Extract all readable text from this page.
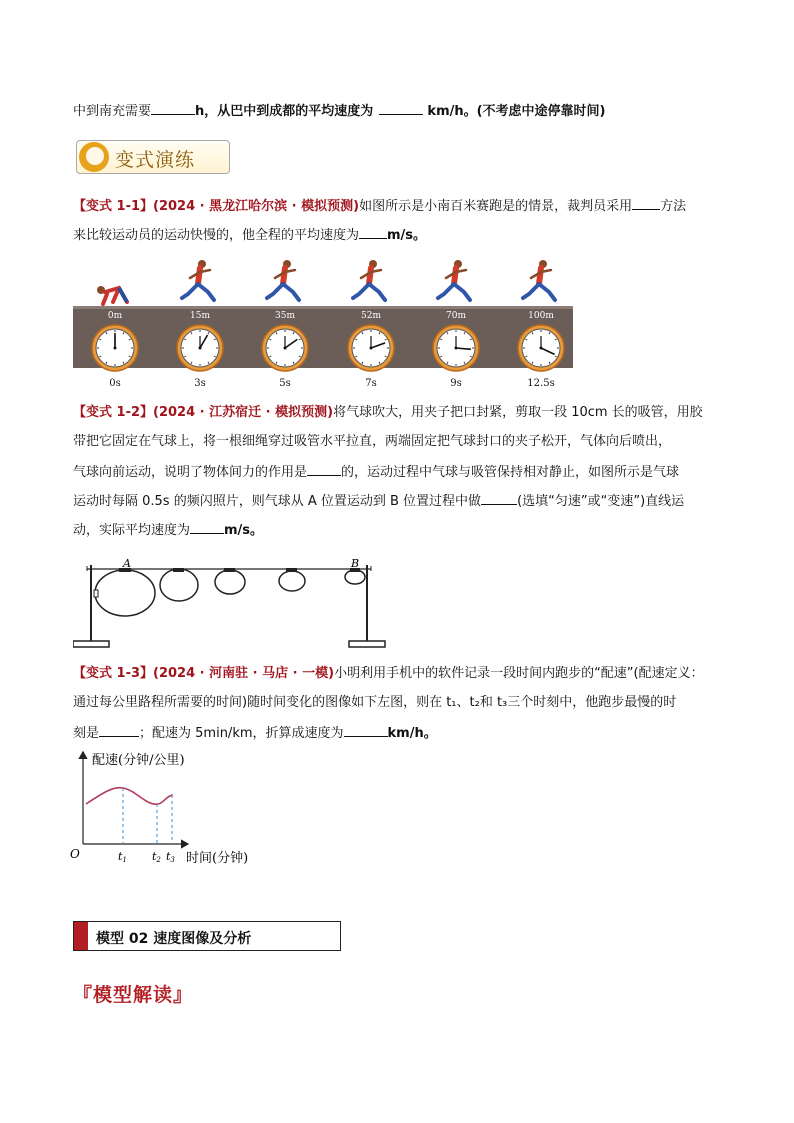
中到南充需要	h，从巴中到成都的平均速度为	km/h。(不考虑中途停靠时间)
变式演练
【变式 1-1】(2024 · 黑龙江哈尔滨 · 模拟预测)如图所示是小南百米赛跑是的情景，裁判员采用 方法
来比较运动员的运动快慢的，他全程的平均速度为 m/s。
0m	15m	35m	52m	70m	100m
0s	3s	5s	7s	9s	12.5s
【变式 1-2】(2024 · 江苏宿迁 · 模拟预测)将气球吹大，用夹子把口封紧，剪取一段 10cm 长的吸管，用胶
带把它固定在气球上，将一根细绳穿过吸管水平拉直，两端固定把气球封口的夹子松开，气体向后喷出，
气球向前运动，说明了物体间力的作用是	的，运动过程中气球与吸管保持相对静止，如图所示是气球
运动时每隔 0.5s 的频闪照片，则气球从 A 位置运动到 B 位置过程中做	(选填“匀速”或“变速”)直线运
动，实际平均速度为	m/s。
A	B
【变式 1-3】(2024 · 河南驻 · 马店 · 一模)小明利用手机中的软件记录一段时间内跑步的“配速”(配速定义：
通过每公里路程所需要的时间)随时间变化的图像如下左图，则在 t₁、t₂和 t₃三个时刻中，他跑步最慢的时
刻是	；配速为 5min/km，折算成速度为	km/h。
配速(分钟/公里)
时间(分钟)
O	t1 t2 t3
模型 02 速度图像及分析
『模型解读』
